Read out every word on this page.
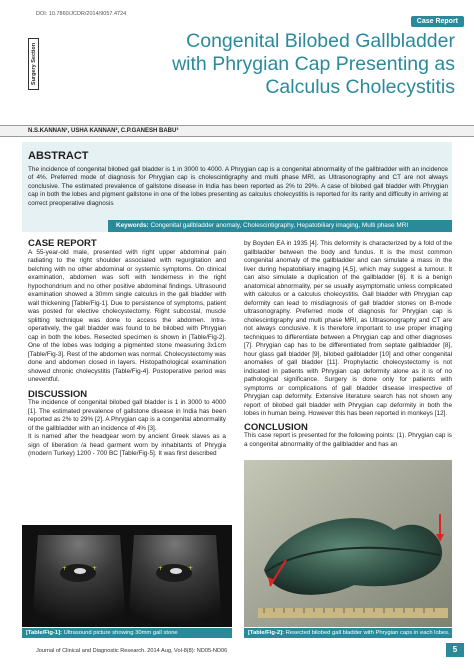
DOI: 10.7860/JCDR/2014/9057.4724
Case Report
Surgery Section
Congenital Bilobed Gallbladder
with Phrygian Cap Presenting as
Calculus Cholecystitis
N.S.KANNAN¹, USHA KANNAN², C.P.GANESH BABU³
ABSTRACT
The incidence of congenital bilobed gall bladder is 1 in 3000 to 4000. A Phrygian cap is a congenital abnormality of the gallbladder with an incidence of 4%. Preferred mode of diagnosis for Phrygian cap is cholescintigraphy and multi phase MRI, as Ultrasonography and CT are not always conclusive. The estimated prevalence of gallstone disease in India has been reported as 2% to 29%. A case of bilobed gall bladder with Phrygian cap in both the lobes and pigment gallstone in one of the lobes presenting as calculus cholecystitis is reported for its rarity and difficulty in arriving at correct preoperative diagnosis
Keywords: Congenital gallbladder anomaly, Cholescintigraphy, Hepatobiliary imaging, Multi phase MRI
CASE REPORT

A 55-year-old male, presented with right upper abdominal pain radiating to the right shoulder associated with regurgitation and belching with no other abdominal or systemic symptoms. On clinical examination, abdomen was soft with tenderness in the right hypochondrium and no other positive abdominal findings. Ultrasound examination showed a 30mm single calculus in the gall bladder with wall thickening [Table/Fig-1]. Due to persistence of symptoms, patient was posted for elective cholecystectomy. Right subcostal, muscle splitting technique was done to access the abdomen. Intra-operatively, the gall bladder was found to be bilobed with Phrygian cap in both the lobes. Resected specimen is shown in [Table/Fig-2]. One of the lobes was lodging a pigmented stone measuring 3x1cm [Table/Fig-3]. Rest of the abdomen was normal. Cholecystectomy was done and abdomen closed in layers. Histopathological examination showed chronic cholecystitis [Table/Fig-4]. Postoperative period was uneventful.

DISCUSSION

The incidence of congenital bilobed gall bladder is 1 in 3000 to 4000 [1]. The estimated prevalence of gallstone disease in India has been reported as 2% to 29% [2]. A Phrygian cap is a congenital abnormality of the gallbladder with an incidence of 4% [3].

It is named after the headgear worn by ancient Greek slaves as a sign of liberation /a head garment worn by inhabitants of Phrygia (modern Turkey) 1200 - 700 BC [Table/Fig-5]. It was first described

by Boyden EA in 1935 [4]. This deformity is characterized by a fold of the gallbladder between the body and fundus. It is the most common congenital anomaly of the gallbladder and can simulate a mass in the liver during hepatobiliary imaging [4,5], which may suggest a tumour. It can also simulate a duplication of the gallbladder [6]. It is a benign anatomical abnormality, per se usually asymptomatic unless complicated with calculus or a calculus cholecystitis. Gall bladder with Phrygian cap deformity can lead to misdiagnosis of gall bladder stones on B-mode ultrasonography. Preferred mode of diagnosis for Phrygian cap is cholescintigraphy and multi phase MRI, as Ultrasonography and CT are not always conclusive. It is therefore important to use proper imaging techniques to differentiate between a Phrygian cap and other diagnoses [7]. Phrygian cap has to be differentiated from septate gallbladder [8], hour glass gall bladder [9], bilobed gallbladder [10] and other congenital anomalies of gall bladder [11]. Prophylactic cholecystectomy is not indicated in patients with Phrygian cap deformity alone as it is of no pathological significance. Surgery is done only for patients with symptoms or complications of gall bladder disease irrespective of Phrygian cap deformity. Extensive literature search has not shown any report of bilobed gall bladder with Phrygian cap deformity in both the lobes in human being. However this has been reported in monkeys [12].

CONCLUSION

This case report is presented for the following points: (1). Phrygian cap is a congenital abnormality of the gallbladder and has an

+	+	+	+
[Table/Fig-1]: Ultrasound picture showing 30mm gall stone	[Table/Fig-2]: Resected bilobed gall bladder with Phrygian caps in each lobes.
Journal of Clinical and Diagnostic Research. 2014 Aug, Vol-8(8): ND05-ND06	5
